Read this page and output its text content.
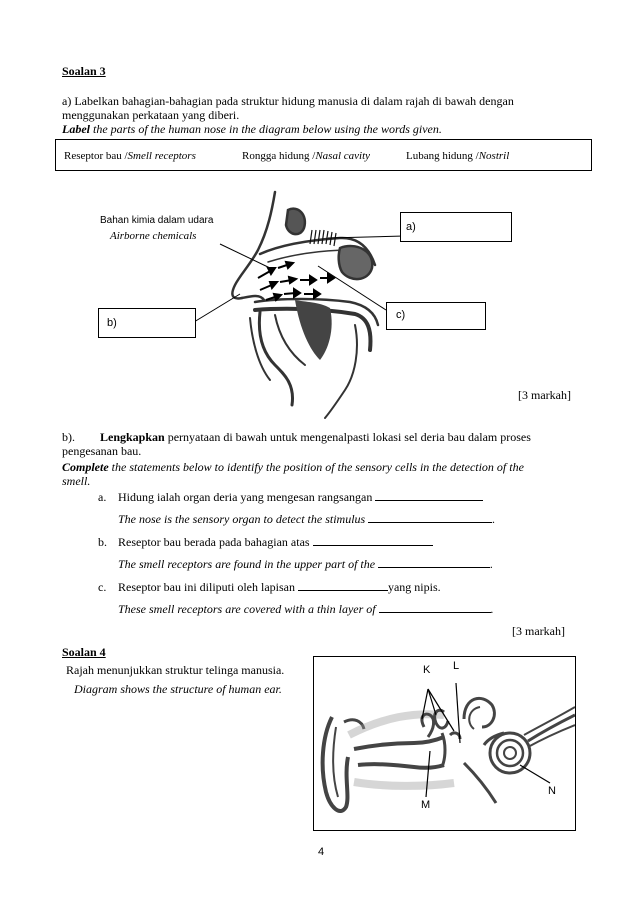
Soalan 3
a) Labelkan bahagian-bahagian pada struktur hidung manusia di dalam rajah di bawah dengan
menggunakan perkataan yang diberi.
Label the parts of the human nose in the diagram below using the words given.
Reseptor bau /Smell receptors	Rongga hidung /Nasal cavity	Lubang hidung /Nostril
Bahan kimia dalam udara
Airborne chemicals
a)
c)
b)
[3 markah]
b). Lengkapkan pernyataan di bawah untuk mengenalpasti lokasi sel deria bau dalam proses
pengesanan bau.
Complete the statements below to identify the position of the sensory cells in the detection of the
smell.
a. Hidung ialah organ deria yang mengesan rangsangan
The nose is the sensory organ to detect the stimulus	.
b. Reseptor bau berada pada bahagian atas
The smell receptors are found in the upper part of the	.
c. Reseptor bau ini diliputi oleh lapisan	yang nipis.
These smell receptors are covered with a thin layer of	.
[3 markah]
Soalan 4
Rajah menunjukkan struktur telinga manusia.
Diagram shows the structure of human ear.
K L
M
N
4
